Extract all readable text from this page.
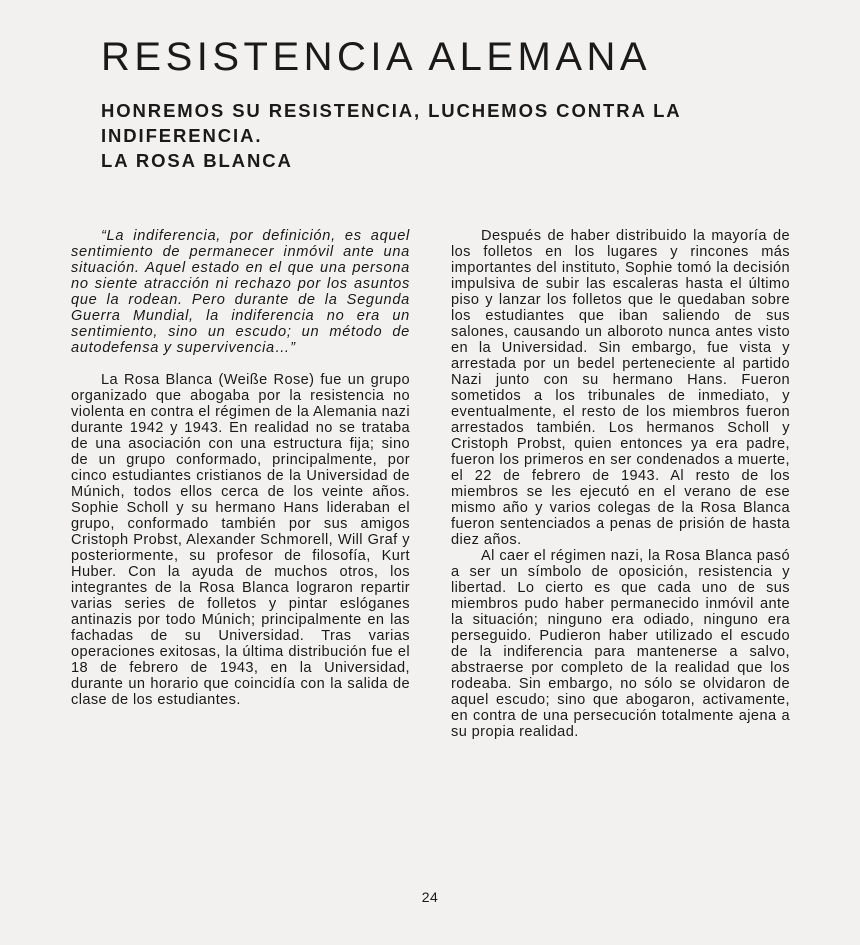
RESISTENCIA ALEMANA
HONREMOS SU RESISTENCIA, LUCHEMOS CONTRA LA
INDIFERENCIA.
LA ROSA BLANCA

“La indiferencia, por definición, es aquel sentimiento de permanecer inmóvil ante una situación. Aquel estado en el que una persona no siente atracción ni rechazo por los asuntos que la rodean. Pero durante de la Segunda Guerra Mundial, la indiferencia no era un sentimiento, sino un escudo; un método de autodefensa y supervivencia…”

La Rosa Blanca (Weiße Rose) fue un grupo organizado que abogaba por la resistencia no violenta en contra el régimen de la Alemania nazi durante 1942 y 1943. En realidad no se trataba de una asociación con una estructura fija; sino de un grupo conformado, principalmente, por cinco estudiantes cristianos de la Universidad de Múnich, todos ellos cerca de los veinte años. Sophie Scholl y su hermano Hans lideraban el grupo, conformado también por sus amigos Cristoph Probst, Alexander Schmorell, Will Graf y posteriormente, su profesor de filosofía, Kurt Huber. Con la ayuda de muchos otros, los integrantes de la Rosa Blanca lograron repartir varias series de folletos y pintar eslóganes antinazis por todo Múnich; principalmente en las fachadas de su Universidad. Tras varias operaciones exitosas, la última distribución fue el 18 de febrero de 1943, en la Universidad, durante un horario que coincidía con la salida de clase de los estudiantes.

Después de haber distribuido la mayoría de los folletos en los lugares y rincones más importantes del instituto, Sophie tomó la decisión impulsiva de subir las escaleras hasta el último piso y lanzar los folletos que le quedaban sobre los estudiantes que iban saliendo de sus salones, causando un alboroto nunca antes visto en la Universidad. Sin embargo, fue vista y arrestada por un bedel perteneciente al partido Nazi junto con su hermano Hans. Fueron sometidos a los tribunales de inmediato, y eventualmente, el resto de los miembros fueron arrestados también. Los hermanos Scholl y Cristoph Probst, quien entonces ya era padre, fueron los primeros en ser condenados a muerte, el 22 de febrero de 1943. Al resto de los miembros se les ejecutó en el verano de ese mismo año y varios colegas de la Rosa Blanca fueron sentenciados a penas de prisión de hasta diez años.

Al caer el régimen nazi, la Rosa Blanca pasó a ser un símbolo de oposición, resistencia y libertad. Lo cierto es que cada uno de sus miembros pudo haber permanecido inmóvil ante la situación; ninguno era odiado, ninguno era perseguido. Pudieron haber utilizado el escudo de la indiferencia para mantenerse a salvo, abstraerse por completo de la realidad que los rodeaba. Sin embargo, no sólo se olvidaron de aquel escudo; sino que abogaron, activamente, en contra de una persecución totalmente ajena a su propia realidad.

24
